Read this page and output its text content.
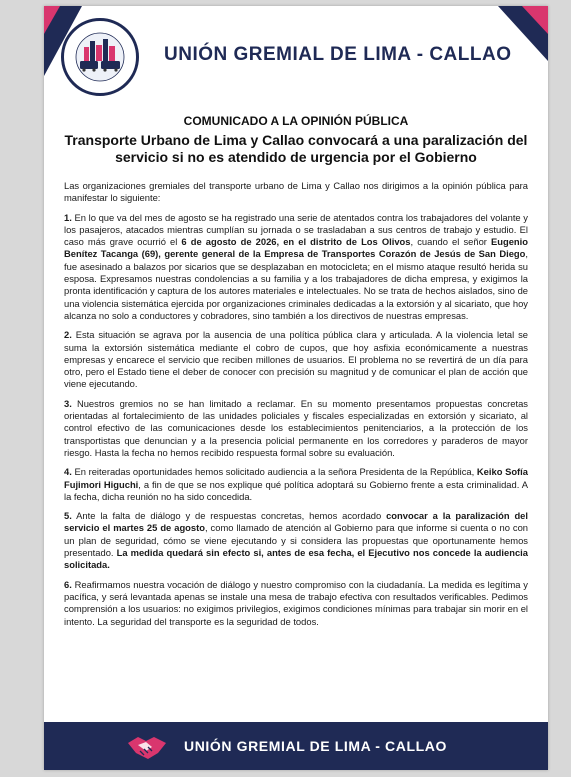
UNIÓN GREMIAL DE LIMA - CALLAO
COMUNICADO A LA OPINIÓN PÚBLICA
Transporte Urbano de Lima y Callao convocará a una paralización del servicio si no es atendido de urgencia por el Gobierno

Las organizaciones gremiales del transporte urbano de Lima y Callao nos dirigimos a la opinión pública para manifestar lo siguiente:

1. En lo que va del mes de agosto se ha registrado una serie de atentados contra los trabajadores del volante y los pasajeros, atacados mientras cumplían su jornada o se trasladaban a sus centros de trabajo y estudio. El caso más grave ocurrió el 6 de agosto de 2026, en el distrito de Los Olivos, cuando el señor Eugenio Benítez Tacanga (69), gerente general de la Empresa de Transportes Corazón de Jesús de San Diego, fue asesinado a balazos por sicarios que se desplazaban en motocicleta; en el mismo ataque resultó herida su esposa. Expresamos nuestras condolencias a su familia y a los trabajadores de dicha empresa, y exigimos la pronta identificación y captura de los autores materiales e intelectuales. No se trata de hechos aislados, sino de una violencia sistemática ejercida por organizaciones criminales dedicadas a la extorsión y al sicariato, que hoy alcanza no solo a conductores y cobradores, sino también a los directivos de nuestras empresas.

2. Esta situación se agrava por la ausencia de una política pública clara y articulada. A la violencia letal se suma la extorsión sistemática mediante el cobro de cupos, que hoy asfixia económicamente a nuestras empresas y encarece el servicio que reciben millones de usuarios. El problema no se revertirá de un día para otro, pero el Estado tiene el deber de conocer con precisión su magnitud y de comunicar el plan de acción que viene ejecutando.

3. Nuestros gremios no se han limitado a reclamar. En su momento presentamos propuestas concretas orientadas al fortalecimiento de las unidades policiales y fiscales especializadas en extorsión y sicariato, al control efectivo de las comunicaciones desde los establecimientos penitenciarios, a la protección de los transportistas que denuncian y a la presencia policial permanente en los corredores y paraderos de mayor riesgo. Hasta la fecha no hemos recibido respuesta formal sobre su evaluación.

4. En reiteradas oportunidades hemos solicitado audiencia a la señora Presidenta de la República, Keiko Sofía Fujimori Higuchi, a fin de que se nos explique qué política adoptará su Gobierno frente a esta criminalidad. A la fecha, dicha reunión no ha sido concedida.

5. Ante la falta de diálogo y de respuestas concretas, hemos acordado convocar a la paralización del servicio el martes 25 de agosto, como llamado de atención al Gobierno para que informe si cuenta o no con un plan de seguridad, cómo se viene ejecutando y si considera las propuestas que oportunamente hemos presentado. La medida quedará sin efecto si, antes de esa fecha, el Ejecutivo nos concede la audiencia solicitada.

6. Reafirmamos nuestra vocación de diálogo y nuestro compromiso con la ciudadanía. La medida es legítima y pacífica, y será levantada apenas se instale una mesa de trabajo efectiva con resultados verificables. Pedimos comprensión a los usuarios: no exigimos privilegios, exigimos condiciones mínimas para trabajar sin morir en el intento. La seguridad del transporte es la seguridad de todos.

UNIÓN GREMIAL DE LIMA - CALLAO
